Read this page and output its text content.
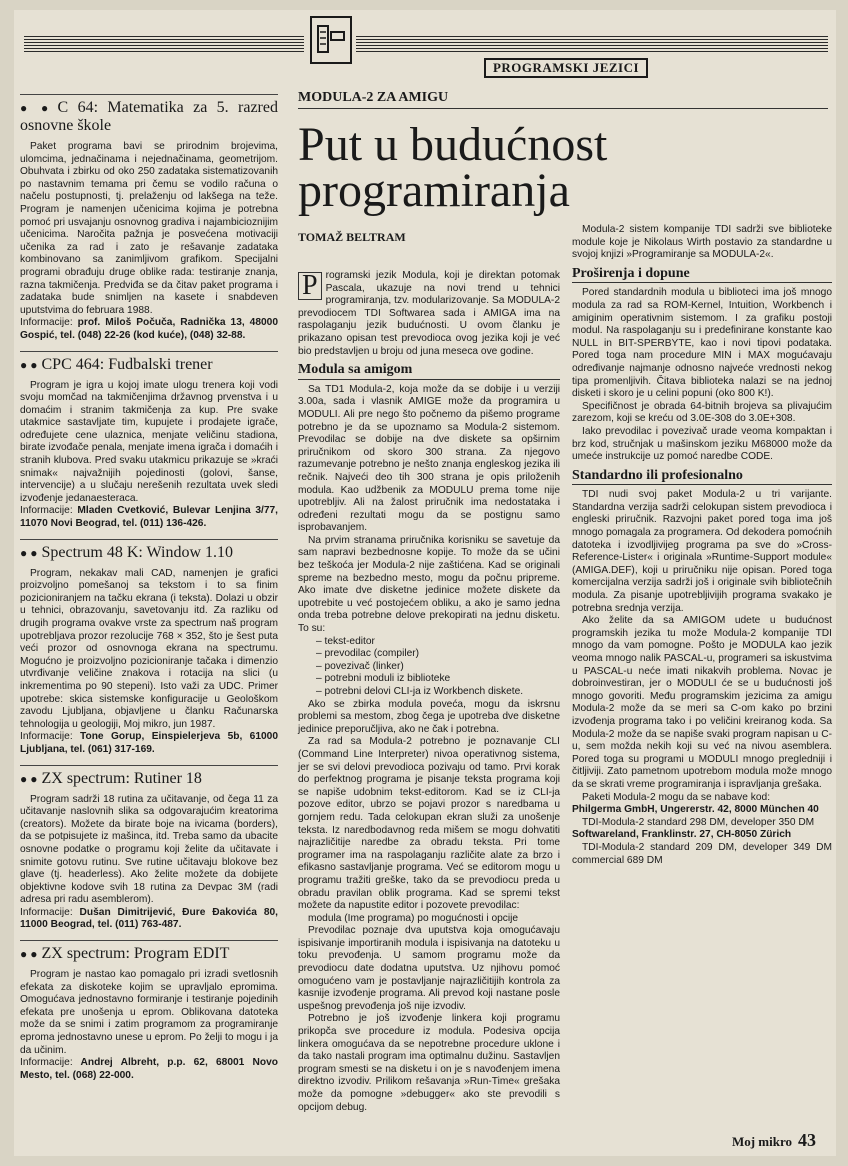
PROGRAMSKI JEZICI
● ● C 64: Matematika za 5. razred osnovne škole

Paket programa bavi se prirodnim brojevima, ulomcima, jednačinama i nejednačinama, geometrijom. Obuhvata i zbirku od oko 250 zadataka sistematizovanih po nastavnim temama pri čemu se vodilo računa o načelu postupnosti, tj. prelaženju od lakšega na teže. Program je namenjen učenicima kojima je potrebna pomoć pri usvajanju osnovnog gradiva i najambicioznijim učenicima. Naročita pažnja je posvećena motivaciji učenika za rad i zato je rešavanje zadataka kombinovano sa zanimljivom grafikom. Specijalni programi obrađuju druge oblike rada: testiranje znanja, razna takmičenja. Predviđa se da čitav paket programa i zadataka bude snimljen na kasete i snabdeven uputstvima do februara 1988.

Informacije: prof. Miloš Počuča, Radnička 13, 48000 Gospić, tel. (048) 22-26 (kod kuće), (048) 32-88.

● ● CPC 464: Fudbalski trener

Program je igra u kojoj imate ulogu trenera koji vodi svoju momčad na takmičenjima državnog prvenstva i u domaćim i stranim takmičenja za kup. Pre svake utakmice sastavljate tim, kupujete i prodajete igrače, određujete cene ulaznica, menjate veličinu stadiona, birate izvođače penala, menjate imena igrača i domaćih i stranih klubova. Pred svaku utakmicu prikazuje se »kraći snimak« najvažnijih pojedinosti (golovi, šanse, intervencije) a u slučaju nerešenih rezultata uvek sledi izvođenje jedanaesteraca.

Informacije: Mladen Cvetković, Bulevar Lenjina 3/77, 11070 Novi Beograd, tel. (011) 136-426.

● ● Spectrum 48 K: Window 1.10

Program, nekakav mali CAD, namenjen je grafici proizvoljno pomešanoj sa tekstom i to sa finim pozicioniranjem na tačku ekrana (i teksta). Dolazi u obzir u tehnici, obrazovanju, savetovanju itd. Za razliku od drugih programa ovakve vrste za spectrum naš program upotrebljava prozor rezolucije 768 × 352, što je šest puta veći prozor od osnovnoga ekrana na spectrumu. Mogućno je proizvoljno pozicioniranje tačaka i dimenzio utvrđivanje veličine znakova i rotacija na slici (u inkrementima po 90 stepeni). Isto važi za UDC. Primer upotrebe: skica sistemske konfiguracije u Geološkom zavodu Ljubljana, objavljene u članku Računarska tehnologija u geologiji, Moj mikro, jun 1987.

Informacije: Tone Gorup, Einspielerjeva 5b, 61000 Ljubljana, tel. (061) 317-169.

● ● ZX spectrum: Rutiner 18

Program sadrži 18 rutina za učitavanje, od čega 11 za učitavanje naslovnih slika sa odgovarajućim kreatorima (creators). Možete da birate boje na ivicama (borders), da se potpisujete iz mašinca, itd. Treba samo da ubacite osnovne podatke o programu koji želite da učitavate i snimite gotovu rutinu. Sve rutine učitavaju blokove bez glave (tj. headerless). Ako želite možete da dobijete objektivne kodove svih 18 rutina za Devpac 3M (radi adresa pri radu asemblerom).

Informacije: Dušan Dimitrijević, Đure Đakovića 80, 11000 Beograd, tel. (011) 763-487.

● ● ZX spectrum: Program EDIT

Program je nastao kao pomagalo pri izradi svetlosnih efekata za diskoteke kojim se upravljalo epromima. Omogućava jednostavno formiranje i testiranje pojedinih efekata pre unošenja u eprom. Oblikovana datoteka može da se snimi i zatim programom za programiranje eproma jednostavno unese u eprom. Po želji to mogu i ja da učinim.

Informacije: Andrej Albreht, p.p. 62, 68001 Novo Mesto, tel. (068) 22-000.

MODULA-2 ZA AMIGU
Put u budućnost
programiranja
TOMAŽ BELTRAM

P rogramski jezik Modula, koji je direktan potomak Pascala, ukazuje na novi trend u tehnici programiranja, tzv. modularizovanje. Sa MODULA-2 prevodiocem TDI Softwarea sada i AMIGA ima na raspolaganju jezik budućnosti. U ovom članku je prikazano opisan test prevodioca ovog jezika koji je već bio predstavljen u broju od juna meseca ove godine.

Modula sa amigom

Sa TD1 Modula-2, koja može da se dobije i u verziji 3.00a, sada i vlasnik AMIGE može da programira u MODULI. Ali pre nego što počnemo da pišemo programe potrebno je da se upoznamo sa Modula-2 sistemom. Prevodilac se dobije na dve diskete sa opširnim priručnikom od skoro 300 strana. Za njegovo razumevanje potrebno je nešto znanja engleskog jezika ili rečnik. Najveći deo tih 300 strana je opis priloženih modula. Kao udžbenik za MODULU prema tome nije upotrebljiv. Ali na žalost priručnik ima nedostataka i određeni rezultati mogu da se postignu samo isprobavanjem.

Na prvim stranama priručnika korisniku se savetuje da sam napravi bezbednosne kopije. To može da se učini bez teškoća jer Modula-2 nije zaštićena. Kad se originali spreme na bezbedno mesto, mogu da počnu pripreme. Ako imate dve disketne jedinice možete diskete da upotrebite u već postojećem obliku, a ako je samo jedna onda treba potrebne delove prekopirati na jednu disketu. To su:

– tekst-editor
– prevodilac (compiler)
– povezivač (linker)
– potrebni moduli iz biblioteke
– potrebni delovi CLI-ja iz Workbench diskete.

Ako se zbirka modula poveća, mogu da iskrsnu problemi sa mestom, zbog čega je upotreba dve disketne jedinice preporučljiva, ako ne čak i potrebna.

Za rad sa Modula-2 potrebno je poznavanje CLI (Command Line Interpreter) nivoa operativnog sistema, jer se svi delovi prevodioca pozivaju od tamo. Prvi korak do perfektnog programa je pisanje teksta programa koji se napiše udobnim tekst-editorom. Kad se iz CLI-ja pozove editor, ubrzo se pojavi prozor s naredbama u gornjem redu. Tada celokupan ekran služi za unošenje teksta. Iz naredbodavnog reda mišem se mogu dohvatiti najrazličitije naredbe za obradu teksta. Pri tome programer ima na raspolaganju različite alate za brzo i efikasno sastavljanje programa. Već se editorom mogu u programu tražiti greške, tako da se prevodiocu preda u obradu pravilan oblik programa. Kad se spremi tekst možete da napustite editor i pozovete prevodilac:

modula (Ime programa) po mogućnosti i opcije

Prevodilac poznaje dva uputstva koja omogućavaju ispisivanje importiranih modula i ispisivanja na datoteku u toku prevođenja. U samom programu može da prevodiocu date dodatna uputstva. Uz njihovu pomoć omogućeno vam je postavljanje najrazličitijih kontrola za kasnije izvođenje programa. Ali prevod koji nastane posle uspešnog prevođenja još nije izvodiv.

Potrebno je još izvođenje linkera koji programu prikopča sve procedure iz modula. Podesiva opcija linkera omogućava da se nepotrebne procedure uklone i da tako nastali program ima optimalnu dužinu. Sastavljen program smesti se na disketu i on je s navođenjem imena direktno izvodiv. Prilikom rešavanja »Run-Time« grešaka može da pomogne »debugger« ako ste prevodili s opcijom debug.

Modula-2 sistem kompanije TDI sadrži sve biblioteke module koje je Nikolaus Wirth postavio za standardne u svojoj knjizi »Programiranje sa MODULA-2«.

Proširenja i dopune

Pored standardnih modula u biblioteci ima još mnogo modula za rad sa ROM-Kernel, Intuition, Workbench i amiginim operativnim sistemom. I za grafiku postoji modul. Na raspolaganju su i predefinirane konstante kao NULL in BIT-SPERBYTE, kao i novi tipovi podataka. Pored toga nam procedure MIN i MAX mogućavaju određivanje najmanje odnosno najveće vrednosti nekog tipa promenljivih. Čitava biblioteka nalazi se na jednoj disketi i skoro je u celini popuni (oko 800 K!).

Specifičnost je obrada 64-bitnih brojeva sa plivajućim zarezom, koji se kreću od 3.0E-308 do 3.0E+308.

Iako prevodilac i povezivač urade veoma kompaktan i brz kod, stručnjak u mašinskom jeziku M68000 može da umeće instrukcije uz pomoć naredbe CODE.

Standardno ili profesionalno

TDI nudi svoj paket Modula-2 u tri varijante. Standardna verzija sadrži celokupan sistem prevodioca i engleski priručnik. Razvojni paket pored toga ima još mnogo pomagala za programera. Od dekodera pomoćnih datoteka i izvodljivijeg programa pa sve do »Cross-Reference-Lister« i originala »Runtime-Support module« (AMIGA.DEF), koji u priručniku nije opisan. Pored toga komercijalna verzija sadrži još i originale svih bibliotečnih modula. Za pisanje upotrebljivijih programa svakako je potrebna srednja verzija.

Ako želite da sa AMIGOM udete u budućnost programskih jezika tu može Modula-2 kompanije TDI mnogo da vam pomogne. Pošto je MODULA kao jezik veoma mnogo nalik PASCAL-u, programeri sa iskustvima u PASCAL-u neće imati nikakvih problema. Novac je dobroinvestiran, jer o MODULI će se u budućnosti još mnogo govoriti. Među programskim jezicima za amigu Modula-2 može da se meri sa C-om kako po brzini izvođenja programa tako i po veličini kreiranog koda. Sa Modula-2 može da se napiše svaki program napisan u C-u, sem možda nekih koji su već na nivou asemblera. Pored toga su programi u MODULI mnogo pregledniji i čitljiviji. Zato pametnom upotrebom modula može mnogo da se skrati vreme programiranja i ispravljanja grešaka.

Paketi Modula-2 mogu da se nabave kod:

Philgerma GmbH, Ungererstr. 42, 8000 München 40

TDI-Modula-2 standard 298 DM, developer 350 DM

Softwareland, Franklinstr. 27, CH-8050 Zürich

TDI-Modula-2 standard 209 DM, developer 349 DM commercial 689 DM

Moj mikro 43
